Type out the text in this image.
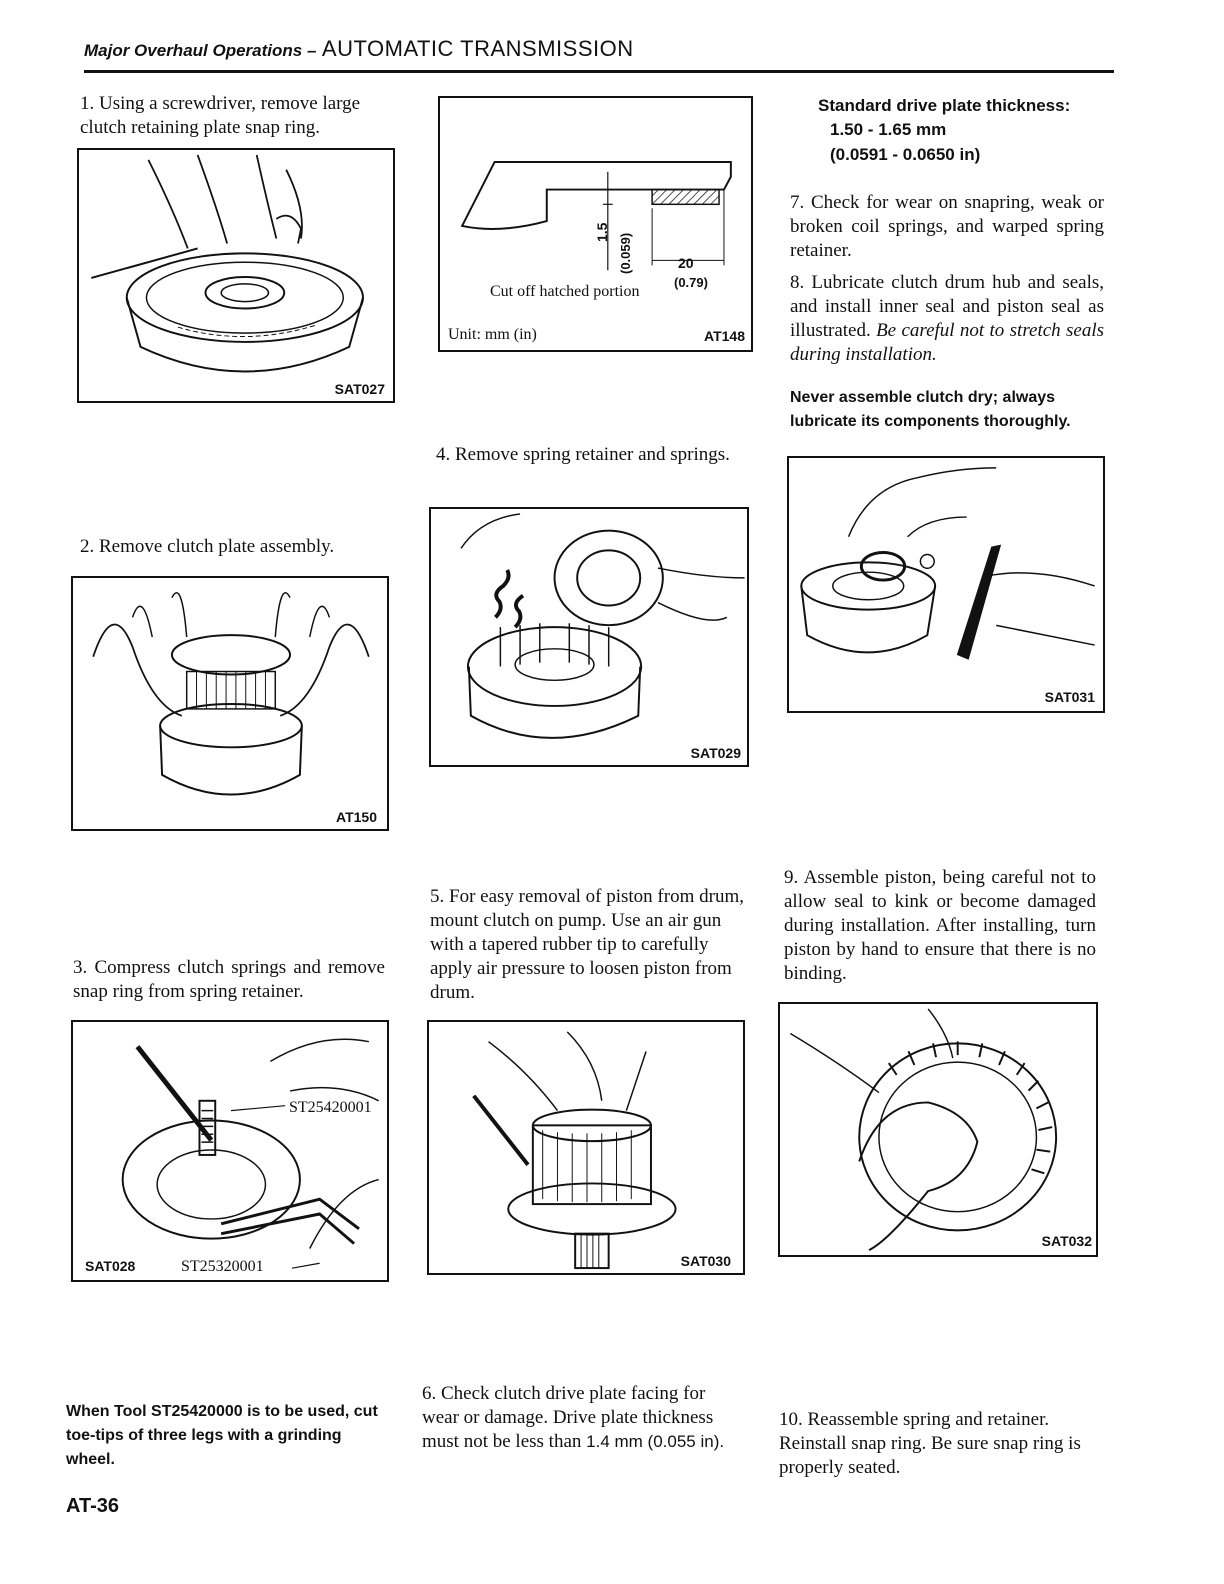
Major Overhaul Operations – AUTOMATIC TRANSMISSION
1. Using a screwdriver, remove large clutch retaining plate snap ring.
SAT027
2. Remove clutch plate assembly.
AT150
3. Compress clutch springs and remove snap ring from spring retainer.
ST25420001
ST25320001
SAT028
When Tool ST25420000 is to be used, cut toe-tips of three legs with a grinding wheel.
AT-36
1.5
(0.059)	20
(0.79)
Cut off hatched portion
Unit: mm (in)	AT148
4. Remove spring retainer and springs.
SAT029
5. For easy removal of piston from drum, mount clutch on pump. Use an air gun with a tapered rubber tip to carefully apply air pressure to loosen piston from drum.
SAT030
6. Check clutch drive plate facing for wear or damage. Drive plate thickness must not be less than 1.4 mm (0.055 in).
Standard drive plate thickness:
1.50 - 1.65 mm
(0.0591 - 0.0650 in)
7. Check for wear on snapring, weak or broken coil springs, and warped spring retainer.
8. Lubricate clutch drum hub and seals, and install inner seal and piston seal as illustrated. Be careful not to stretch seals during installation.
Never assemble clutch dry; always lubricate its components thoroughly.
SAT031
9. Assemble piston, being careful not to allow seal to kink or become damaged during installation. After installing, turn piston by hand to ensure that there is no binding.
SAT032
10. Reassemble spring and retainer. Reinstall snap ring. Be sure snap ring is properly seated.
